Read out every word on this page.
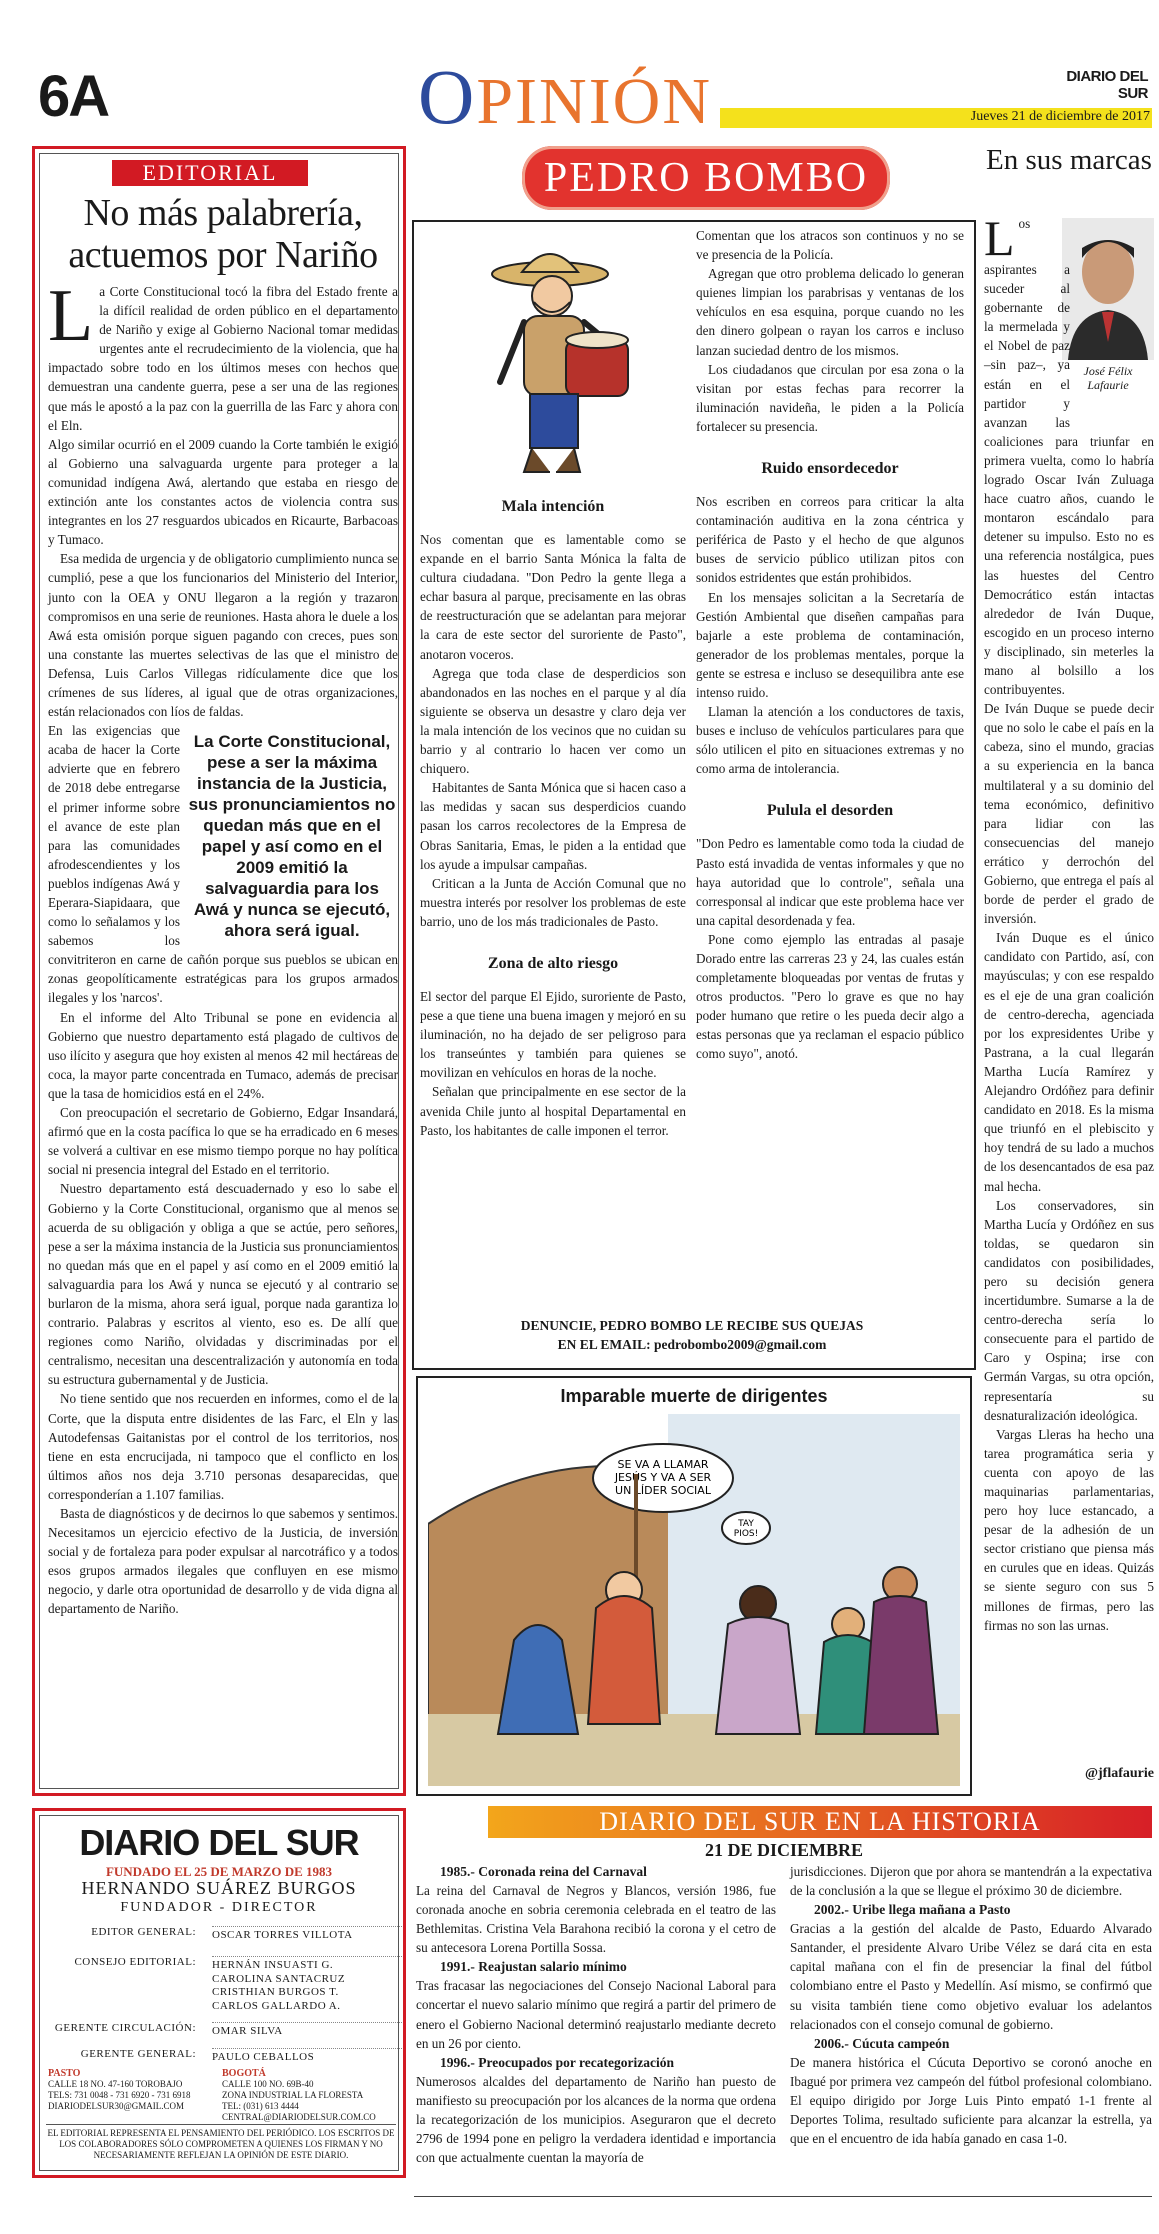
6A	OPINIÓN	DIARIO DEL SUR
Jueves 21 de diciembre de 2017
EDITORIAL
No más palabrería, actuemos por Nariño

La Corte Constitucional tocó la fibra del Estado frente a la difícil realidad de orden público en el departamento de Nariño y exige al Gobierno Nacional tomar medidas urgentes ante el recrudecimiento de la violencia, que ha impactado sobre todo en los últimos meses con hechos que demuestran una candente guerra, pese a ser una de las regiones que más le apostó a la paz con la guerrilla de las Farc y ahora con el Eln.

Algo similar ocurrió en el 2009 cuando la Corte también le exigió al Gobierno una salvaguarda urgente para proteger a la comunidad indígena Awá, alertando que estaba en riesgo de extinción ante los constantes actos de violencia contra sus integrantes en los 27 resguardos ubicados en Ricaurte, Barbacoas y Tumaco.

Esa medida de urgencia y de obligatorio cumplimiento nunca se cumplió, pese a que los funcionarios del Ministerio del Interior, junto con la OEA y ONU llegaron a la región y trazaron compromisos en una serie de reuniones. Hasta ahora le duele a los Awá esta omisión porque siguen pagando con creces, pues son una constante las muertes selectivas de las que el ministro de Defensa, Luis Carlos Villegas ridículamente dice que los crímenes de sus líderes, al igual que de otras organizaciones, están relacionados con líos de faldas.

La Corte Constitucional, pese a ser la máxima instancia de la Justicia, sus pronunciamientos no quedan más que en el papel y así como en el 2009 emitió la salvaguardia para los Awá y nunca se ejecutó, ahora será igual.

En las exigencias que acaba de hacer la Corte advierte que en febrero de 2018 debe entregarse el primer informe sobre el avance de este plan para las comunidades afrodescendientes y los pueblos indígenas Awá y Eperara-Siapidaara, que como lo señalamos y los sabemos los convitriteron en carne de cañón porque sus pueblos se ubican en zonas geopolíticamente estratégicas para los grupos armados ilegales y los 'narcos'.

En el informe del Alto Tribunal se pone en evidencia al Gobierno que nuestro departamento está plagado de cultivos de uso ilícito y asegura que hoy existen al menos 42 mil hectáreas de coca, la mayor parte concentrada en Tumaco, además de precisar que la tasa de homicidios está en el 24%.

Con preocupación el secretario de Gobierno, Edgar Insandará, afirmó que en la costa pacífica lo que se ha erradicado en 6 meses se volverá a cultivar en ese mismo tiempo porque no hay política social ni presencia integral del Estado en el territorio.

Nuestro departamento está descuadernado y eso lo sabe el Gobierno y la Corte Constitucional, organismo que al menos se acuerda de su obligación y obliga a que se actúe, pero señores, pese a ser la máxima instancia de la Justicia sus pronunciamientos no quedan más que en el papel y así como en el 2009 emitió la salvaguardia para los Awá y nunca se ejecutó y al contrario se burlaron de la misma, ahora será igual, porque nada garantiza lo contrario. Palabras y escritos al viento, eso es. De allí que regiones como Nariño, olvidadas y discriminadas por el centralismo, necesitan una descentralización y autonomía en toda su estructura gubernamental y de Justicia.

No tiene sentido que nos recuerden en informes, como el de la Corte, que la disputa entre disidentes de las Farc, el Eln y las Autodefensas Gaitanistas por el control de los territorios, nos tiene en esta encrucijada, ni tampoco que el conflicto en los últimos años nos deja 3.710 personas desaparecidas, que corresponderían a 1.107 familias.

Basta de diagnósticos y de decirnos lo que sabemos y sentimos. Necesitamos un ejercicio efectivo de la Justicia, de inversión social y de fortaleza para poder expulsar al narcotráfico y a todos esos grupos armados ilegales que confluyen en ese mismo negocio, y darle otra oportunidad de desarrollo y de vida digna al departamento de Nariño.

DIARIO DEL SUR
FUNDADO EL 25 DE MARZO DE 1983
HERNANDO SUÁREZ BURGOS
FUNDADOR - DIRECTOR
EDITOR GENERAL: OSCAR TORRES VILLOTA
CONSEJO EDITORIAL: HERNÁN INSUASTI G.
CAROLINA SANTACRUZ
CRISTHIAN BURGOS T.
CARLOS GALLARDO A.
GERENTE CIRCULACIÓN: OMAR SILVA
GERENTE GENERAL: PAULO CEBALLOS
PASTO
CALLE 18 NO. 47-160 TOROBAJO
TELS: 731 0048 - 731 6920 - 731 6918
DIARIODELSUR30@GMAIL.COM
BOGOTÁ
CALLE 100 NO. 69B-40
ZONA INDUSTRIAL LA FLORESTA
TEL: (031) 613 4444
CENTRAL@DIARIODELSUR.COM.CO
EL EDITORIAL REPRESENTA EL PENSAMIENTO DEL PERIÓDICO. LOS ESCRITOS DE LOS COLABORADORES SÓLO COMPROMETEN A QUIENES LOS FIRMAN Y NO NECESARIAMENTE REFLEJAN LA OPINIÓN DE ESTE DIARIO.
PEDRO BOMBO
Mala intención

Nos comentan que es lamentable como se expande en el barrio Santa Mónica la falta de cultura ciudadana. "Don Pedro la gente llega a echar basura al parque, precisamente en las obras de reestructuración que se adelantan para mejorar la cara de este sector del suroriente de Pasto", anotaron voceros.

Agrega que toda clase de desperdicios son abandonados en las noches en el parque y al día siguiente se observa un desastre y claro deja ver la mala intención de los vecinos que no cuidan su barrio y al contrario lo hacen ver como un chiquero.

Habitantes de Santa Mónica que si hacen caso a las medidas y sacan sus desperdicios cuando pasan los carros recolectores de la Empresa de Obras Sanitaria, Emas, le piden a la entidad que los ayude a impulsar campañas.

Critican a la Junta de Acción Comunal que no muestra interés por resolver los problemas de este barrio, uno de los más tradicionales de Pasto.

Zona de alto riesgo

El sector del parque El Ejido, suroriente de Pasto, pese a que tiene una buena imagen y mejoró en su iluminación, no ha dejado de ser peligroso para los transeúntes y también para quienes se movilizan en vehículos en horas de la noche.

Señalan que principalmente en ese sector de la avenida Chile junto al hospital Departamental en Pasto, los habitantes de calle imponen el terror.

Comentan que los atracos son continuos y no se ve presencia de la Policía.

Agregan que otro problema delicado lo generan quienes limpian los parabrisas y ventanas de los vehículos en esa esquina, porque cuando no les den dinero golpean o rayan los carros e incluso lanzan suciedad dentro de los mismos.

Los ciudadanos que circulan por esa zona o la visitan por estas fechas para recorrer la iluminación navideña, le piden a la Policía fortalecer su presencia.

Ruido ensordecedor

Nos escriben en correos para criticar la alta contaminación auditiva en la zona céntrica y periférica de Pasto y el hecho de que algunos buses de servicio público utilizan pitos con sonidos estridentes que están prohibidos.

En los mensajes solicitan a la Secretaría de Gestión Ambiental que diseñen campañas para bajarle a este problema de contaminación, generador de los problemas mentales, porque la gente se estresa e incluso se desequilibra ante ese intenso ruido.

Llaman la atención a los conductores de taxis, buses e incluso de vehículos particulares para que sólo utilicen el pito en situaciones extremas y no como arma de intolerancia.

Pulula el desorden

"Don Pedro es lamentable como toda la ciudad de Pasto está invadida de ventas informales y que no haya autoridad que lo controle", señala una corresponsal al indicar que este problema hace ver una capital desordenada y fea.

Pone como ejemplo las entradas al pasaje Dorado entre las carreras 23 y 24, las cuales están completamente bloqueadas por ventas de frutas y otros productos. "Pero lo grave es que no hay poder humano que retire o les pueda decir algo a estas personas que ya reclaman el espacio público como suyo", anotó.

DENUNCIE, PEDRO BOMBO LE RECIBE SUS QUEJAS
EN EL EMAIL: pedrobombo2009@gmail.com
Imparable muerte de dirigentes
SE VA A LLAMAR JESÚS Y VA A SER UN LÍDER SOCIAL
TAY PIOS!
En sus marcas
José Félix Lafaurie

Los aspirantes a suceder al gobernante de la mermelada y el Nobel de paz –sin paz–, ya están en el partidor y avanzan las coaliciones para triunfar en primera vuelta, como lo habría logrado Oscar Iván Zuluaga hace cuatro años, cuando le montaron escándalo para detener su impulso. Esto no es una referencia nostálgica, pues las huestes del Centro Democrático están intactas alrededor de Iván Duque, escogido en un proceso interno y disciplinado, sin meterles la mano al bolsillo a los contribuyentes.

De Iván Duque se puede decir que no solo le cabe el país en la cabeza, sino el mundo, gracias a su experiencia en la banca multilateral y a su dominio del tema económico, definitivo para lidiar con las consecuencias del manejo errático y derrochón del Gobierno, que entrega el país al borde de perder el grado de inversión.

Iván Duque es el único candidato con Partido, así, con mayúsculas; y con ese respaldo es el eje de una gran coalición de centro-derecha, agenciada por los expresidentes Uribe y Pastrana, a la cual llegarán Martha Lucía Ramírez y Alejandro Ordóñez para definir candidato en 2018. Es la misma que triunfó en el plebiscito y hoy tendrá de su lado a muchos de los desencantados de esa paz mal hecha.

Los conservadores, sin Martha Lucía y Ordóñez en sus toldas, se quedaron sin candidatos con posibilidades, pero su decisión genera incertidumbre. Sumarse a la de centro-derecha sería lo consecuente para el partido de Caro y Ospina; irse con Germán Vargas, su otra opción, representaría su desnaturalización ideológica.

Vargas Lleras ha hecho una tarea programática seria y cuenta con apoyo de las maquinarias parlamentarias, pero hoy luce estancado, a pesar de la adhesión de un sector cristiano que piensa más en curules que en ideas. Quizás se siente seguro con sus 5 millones de firmas, pero las firmas no son las urnas.

@jflafaurie
DIARIO DEL SUR EN LA HISTORIA
21 DE DICIEMBRE
1985.- Coronada reina del Carnaval

La reina del Carnaval de Negros y Blancos, versión 1986, fue coronada anoche en sobria ceremonia celebrada en el teatro de las Bethlemitas. Cristina Vela Barahona recibió la corona y el cetro de su antecesora Lorena Portilla Sossa.

1991.- Reajustan salario mínimo

Tras fracasar las negociaciones del Consejo Nacional Laboral para concertar el nuevo salario mínimo que regirá a partir del primero de enero el Gobierno Nacional determinó reajustarlo mediante decreto en un 26 por ciento.

1996.- Preocupados por recategorización

Numerosos alcaldes del departamento de Nariño han puesto de manifiesto su preocupación por los alcances de la norma que ordena la recategorización de los municipios. Aseguraron que el decreto 2796 de 1994 pone en peligro la verdadera identidad e importancia con que actualmente cuentan la mayoría de

jurisdicciones. Dijeron que por ahora se mantendrán a la expectativa de la conclusión a la que se llegue el próximo 30 de diciembre.

2002.- Uribe llega mañana a Pasto

Gracias a la gestión del alcalde de Pasto, Eduardo Alvarado Santander, el presidente Alvaro Uribe Vélez se dará cita en esta capital mañana con el fin de presenciar la final del fútbol colombiano entre el Pasto y Medellín. Así mismo, se confirmó que su visita también tiene como objetivo evaluar los adelantos relacionados con el consejo comunal de gobierno.

2006.- Cúcuta campeón

De manera histórica el Cúcuta Deportivo se coronó anoche en Ibagué por primera vez campeón del fútbol profesional colombiano. El equipo dirigido por Jorge Luis Pinto empató 1-1 frente al Deportes Tolima, resultado suficiente para alcanzar la estrella, ya que en el encuentro de ida había ganado en casa 1-0.
